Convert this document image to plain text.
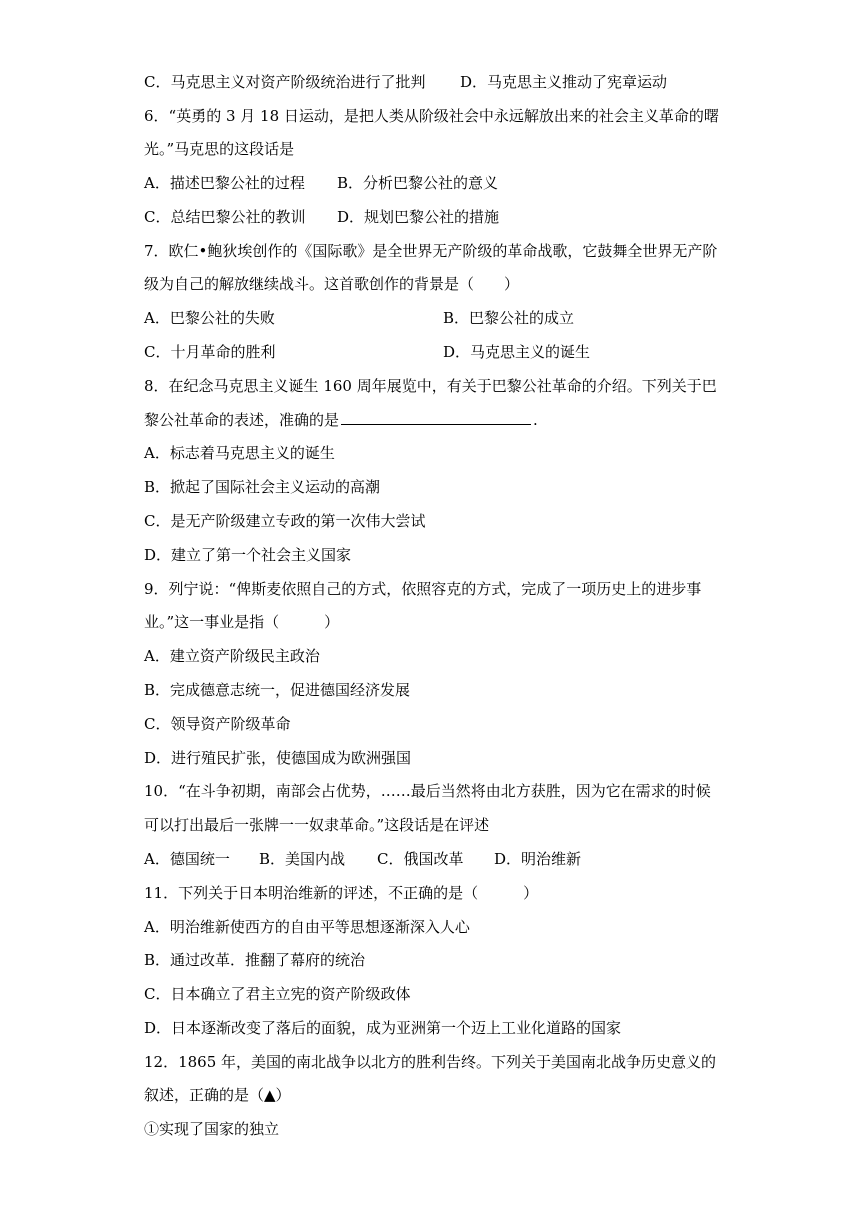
C．马克思主义对资产阶级统治进行了批判 D．马克思主义推动了宪章运动
6．“英勇的 3 月 18 日运动，是把人类从阶级社会中永远解放出来的社会主义革命的曙
光。”马克思的这段话是
A．描述巴黎公社的过程 B．分析巴黎公社的意义
C．总结巴黎公社的教训 D．规划巴黎公社的措施
7．欧仁•鲍狄埃创作的《国际歌》是全世界无产阶级的革命战歌，它鼓舞全世界无产阶
级为自己的解放继续战斗。这首歌创作的背景是（　　）
A．巴黎公社的失败	B．巴黎公社的成立
C．十月革命的胜利	D．马克思主义的诞生
8．在纪念马克思主义诞生 160 周年展览中，有关于巴黎公社革命的介绍。下列关于巴
黎公社革命的表述，准确的是	.
A．标志着马克思主义的诞生
B．掀起了国际社会主义运动的高潮
C．是无产阶级建立专政的第一次伟大尝试
D．建立了第一个社会主义国家
9．列宁说：“俾斯麦依照自己的方式，依照容克的方式，完成了一项历史上的进步事
业。”这一事业是指（　　　）
A．建立资产阶级民主政治
B．完成德意志统一，促进德国经济发展
C．领导资产阶级革命
D．进行殖民扩张，使德国成为欧洲强国
10．“在斗争初期，南部会占优势，……最后当然将由北方获胜，因为它在需求的时候
可以打出最后一张牌一一奴隶革命。”这段话是在评述
A．德国统一 B．美国内战 C．俄国改革 D．明治维新
11．下列关于日本明治维新的评述，不正确的是（　　　）
A．明治维新使西方的自由平等思想逐渐深入人心
B．通过改革．推翻了幕府的统治
C．日本确立了君主立宪的资产阶级政体
D．日本逐渐改变了落后的面貌，成为亚洲第一个迈上工业化道路的国家
12．1865 年，美国的南北战争以北方的胜利告终。下列关于美国南北战争历史意义的
叙述，正确的是（▲）
①实现了国家的独立
